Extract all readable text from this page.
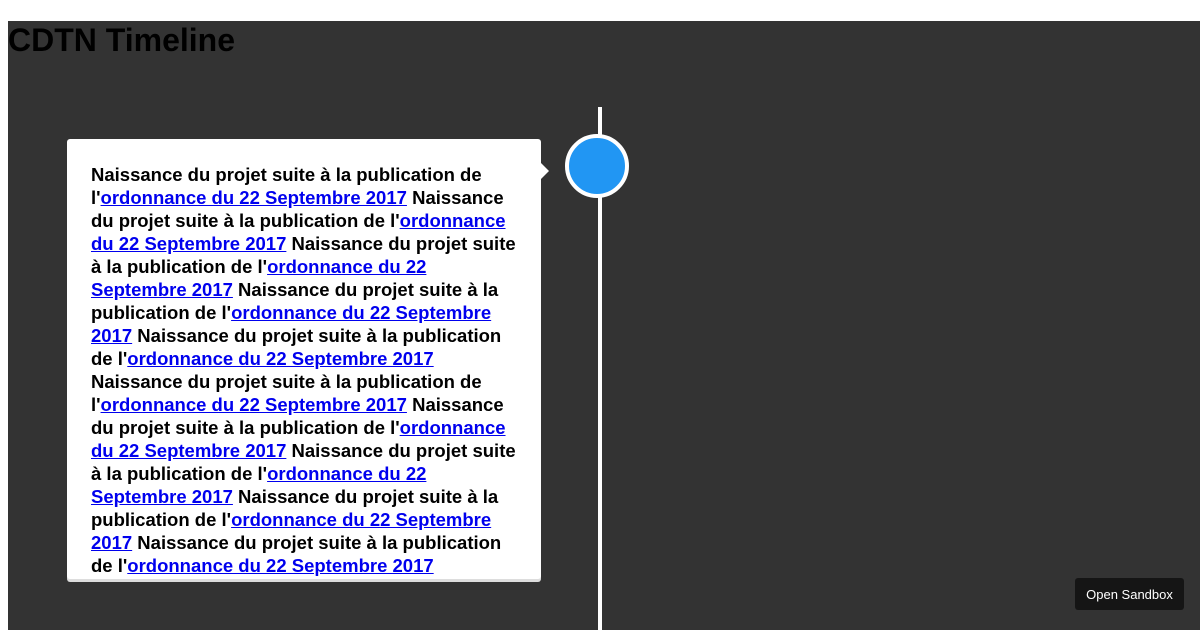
CDTN Timeline

Naissance du projet suite à la publication de l'ordonnance du 22 Septembre 2017 Naissance du projet suite à la publication de l'ordonnance du 22 Septembre 2017 Naissance du projet suite à la publication de l'ordonnance du 22 Septembre 2017 Naissance du projet suite à la publication de l'ordonnance du 22 Septembre 2017 Naissance du projet suite à la publication de l'ordonnance du 22 Septembre 2017 Naissance du projet suite à la publication de l'ordonnance du 22 Septembre 2017 Naissance du projet suite à la publication de l'ordonnance du 22 Septembre 2017 Naissance du projet suite à la publication de l'ordonnance du 22 Septembre 2017 Naissance du projet suite à la publication de l'ordonnance du 22 Septembre 2017 Naissance du projet suite à la publication de l'ordonnance du 22 Septembre 2017

Open Sandbox
